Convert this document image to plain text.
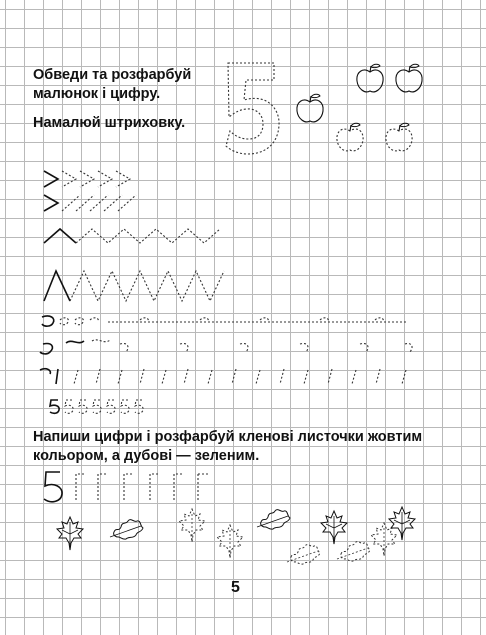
Обведи та розфарбуй
малюнок і цифру.
Намалюй штриховку.
Напиши цифри і розфарбуй кленові листочки жовтим
кольором, а дубові — зеленим.
5
